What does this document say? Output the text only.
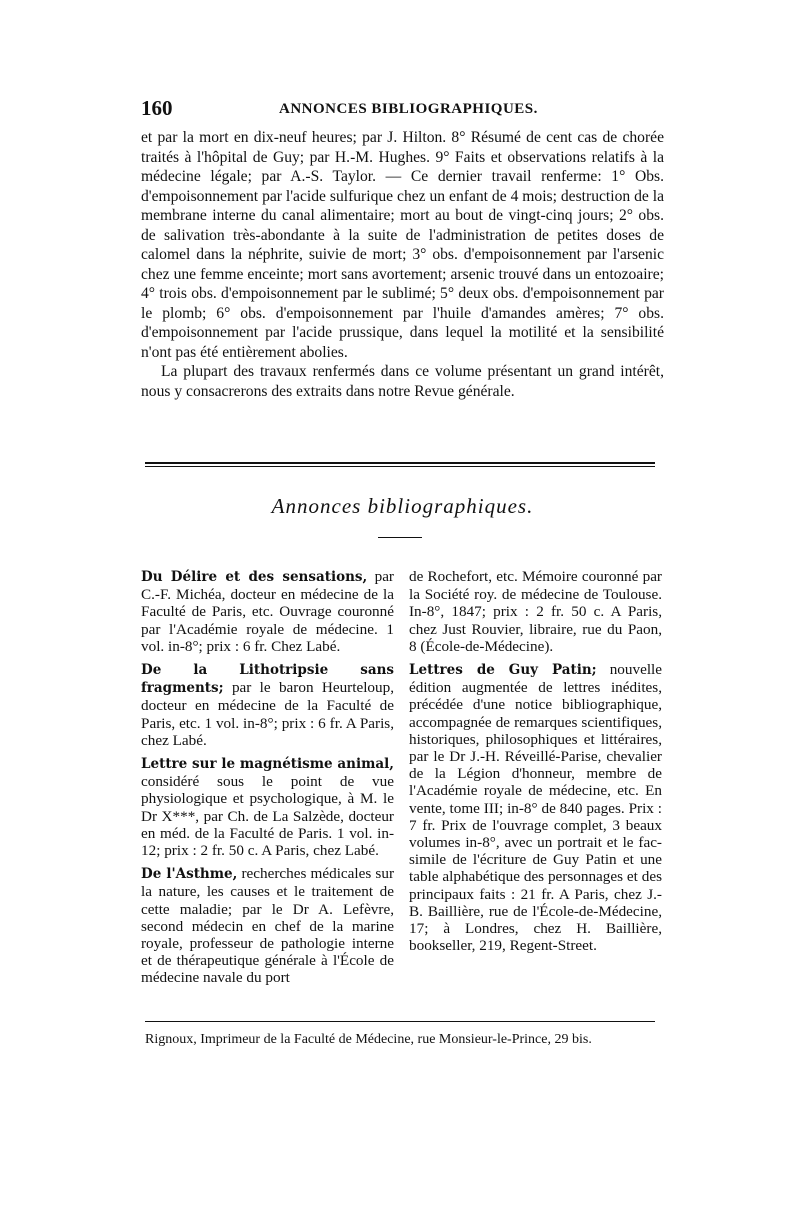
160	ANNONCES BIBLIOGRAPHIQUES.

et par la mort en dix-neuf heures; par J. Hilton. 8° Résumé de cent cas de chorée traités à l'hôpital de Guy; par H.-M. Hughes. 9° Faits et observations relatifs à la médecine légale; par A.-S. Taylor. — Ce dernier travail renferme: 1° Obs. d'empoisonnement par l'acide sulfurique chez un enfant de 4 mois; destruction de la membrane interne du canal alimentaire; mort au bout de vingt-cinq jours; 2° obs. de salivation très-abondante à la suite de l'administration de petites doses de calomel dans la néphrite, suivie de mort; 3° obs. d'empoisonnement par l'arsenic chez une femme enceinte; mort sans avortement; arsenic trouvé dans un entozoaire; 4° trois obs. d'empoisonnement par le sublimé; 5° deux obs. d'empoisonnement par le plomb; 6° obs. d'empoisonnement par l'huile d'amandes amères; 7° obs. d'empoisonnement par l'acide prussique, dans lequel la motilité et la sensibilité n'ont pas été entièrement abolies.

La plupart des travaux renfermés dans ce volume présentant un grand intérêt, nous y consacrerons des extraits dans notre Revue générale.

Annonces bibliographiques.

Du Délire et des sensations, par C.-F. Michéa, docteur en médecine de la Faculté de Paris, etc. Ouvrage couronné par l'Académie royale de médecine. 1 vol. in-8°; prix : 6 fr. Chez Labé.

De la Lithotripsie sans fragments; par le baron Heurteloup, docteur en médecine de la Faculté de Paris, etc. 1 vol. in-8°; prix : 6 fr. A Paris, chez Labé.

Lettre sur le magnétisme animal, considéré sous le point de vue physiologique et psychologique, à M. le Dr X***, par Ch. de La Salzède, docteur en méd. de la Faculté de Paris. 1 vol. in-12; prix : 2 fr. 50 c. A Paris, chez Labé.

De l'Asthme, recherches médicales sur la nature, les causes et le traitement de cette maladie; par le Dr A. Lefèvre, second médecin en chef de la marine royale, professeur de pathologie interne et de thérapeutique générale à l'École de médecine navale du port

de Rochefort, etc. Mémoire couronné par la Société roy. de médecine de Toulouse. In-8°, 1847; prix : 2 fr. 50 c. A Paris, chez Just Rouvier, libraire, rue du Paon, 8 (École-de-Médecine).

Lettres de Guy Patin; nouvelle édition augmentée de lettres inédites, précédée d'une notice bibliographique, accompagnée de remarques scientifiques, historiques, philosophiques et littéraires, par le Dr J.-H. Réveillé-Parise, chevalier de la Légion d'honneur, membre de l'Académie royale de médecine, etc. En vente, tome III; in-8° de 840 pages. Prix : 7 fr. Prix de l'ouvrage complet, 3 beaux volumes in-8°, avec un portrait et le fac-simile de l'écriture de Guy Patin et une table alphabétique des personnages et des principaux faits : 21 fr. A Paris, chez J.-B. Baillière, rue de l'École-de-Médecine, 17; à Londres, chez H. Baillière, bookseller, 219, Regent-Street.

Rignoux, Imprimeur de la Faculté de Médecine, rue Monsieur-le-Prince, 29 bis.
